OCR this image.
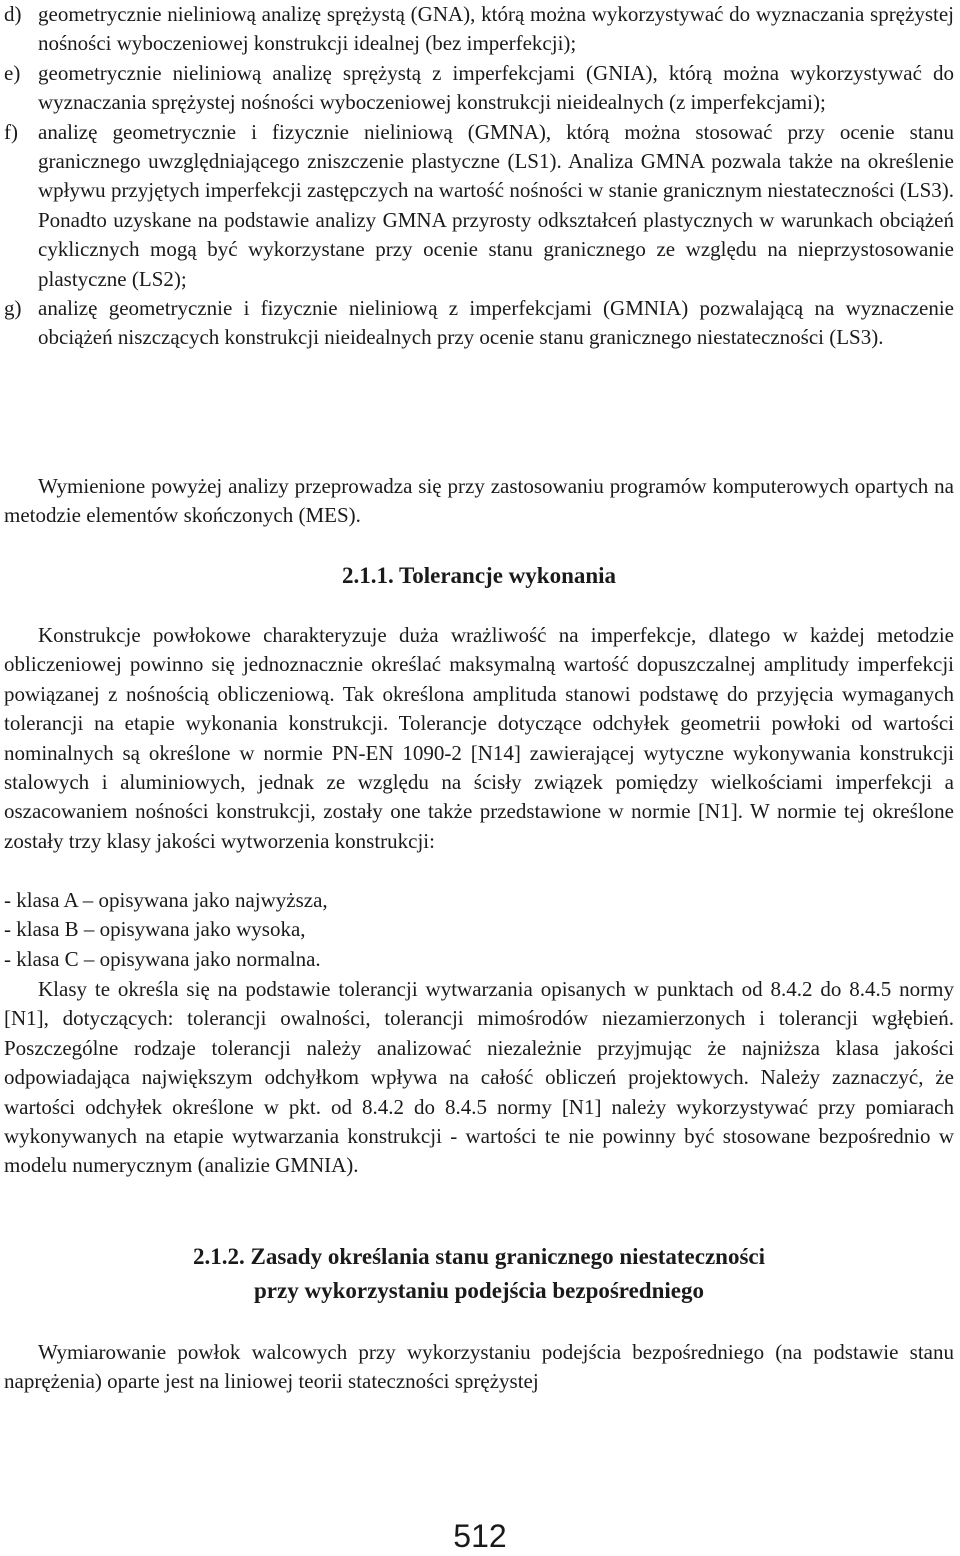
d) geometrycznie nieliniową analizę sprężystą (GNA), którą można wykorzystywać do wyznaczania sprężystej nośności wyboczeniowej konstrukcji idealnej (bez imperfekcji);
e) geometrycznie nieliniową analizę sprężystą z imperfekcjami (GNIA), którą można wykorzystywać do wyznaczania sprężystej nośności wyboczeniowej konstrukcji nieidealnych (z imperfekcjami);
f) analizę geometrycznie i fizycznie nieliniową (GMNA), którą można stosować przy ocenie stanu granicznego uwzględniającego zniszczenie plastyczne (LS1). Analiza GMNA pozwala także na określenie wpływu przyjętych imperfekcji zastępczych na wartość nośności w stanie granicznym niestateczności (LS3). Ponadto uzyskane na podstawie analizy GMNA przyrosty odkształceń plastycznych w warunkach obciążeń cyklicznych mogą być wykorzystane przy ocenie stanu granicznego ze względu na nieprzystosowanie plastyczne (LS2);
g) analizę geometrycznie i fizycznie nieliniową z imperfekcjami (GMNIA) pozwalającą na wyznaczenie obciążeń niszczących konstrukcji nieidealnych przy ocenie stanu granicznego niestateczności (LS3).

Wymienione powyżej analizy przeprowadza się przy zastosowaniu programów komputerowych opartych na metodzie elementów skończonych (MES).

2.1.1. Tolerancje wykonania

Konstrukcje powłokowe charakteryzuje duża wrażliwość na imperfekcje, dlatego w każdej metodzie obliczeniowej powinno się jednoznacznie określać maksymalną wartość dopuszczalnej amplitudy imperfekcji powiązanej z nośnością obliczeniową. Tak określona amplituda stanowi podstawę do przyjęcia wymaganych tolerancji na etapie wykonania konstrukcji. Tolerancje dotyczące odchyłek geometrii powłoki od wartości nominalnych są określone w normie PN-EN 1090-2 [N14] zawierającej wytyczne wykonywania konstrukcji stalowych i aluminiowych, jednak ze względu na ścisły związek pomiędzy wielkościami imperfekcji a oszacowaniem nośności konstrukcji, zostały one także przedstawione w normie [N1]. W normie tej określone zostały trzy klasy jakości wytworzenia konstrukcji:

- klasa A – opisywana jako najwyższa,

- klasa B – opisywana jako wysoka,

- klasa C – opisywana jako normalna.

Klasy te określa się na podstawie tolerancji wytwarzania opisanych w punktach od 8.4.2 do 8.4.5 normy [N1], dotyczących: tolerancji owalności, tolerancji mimośrodów niezamierzonych i tolerancji wgłębień. Poszczególne rodzaje tolerancji należy analizować niezależnie przyjmując że najniższa klasa jakości odpowiadająca największym odchyłkom wpływa na całość obliczeń projektowych. Należy zaznaczyć, że wartości odchyłek określone w pkt. od 8.4.2 do 8.4.5 normy [N1] należy wykorzystywać przy pomiarach wykonywanych na etapie wytwarzania konstrukcji - wartości te nie powinny być stosowane bezpośrednio w modelu numerycznym (analizie GMNIA).

2.1.2. Zasady określania stanu granicznego niestateczności
przy wykorzystaniu podejścia bezpośredniego

Wymiarowanie powłok walcowych przy wykorzystaniu podejścia bezpośredniego (na podstawie stanu naprężenia) oparte jest na liniowej teorii stateczności sprężystej

512
